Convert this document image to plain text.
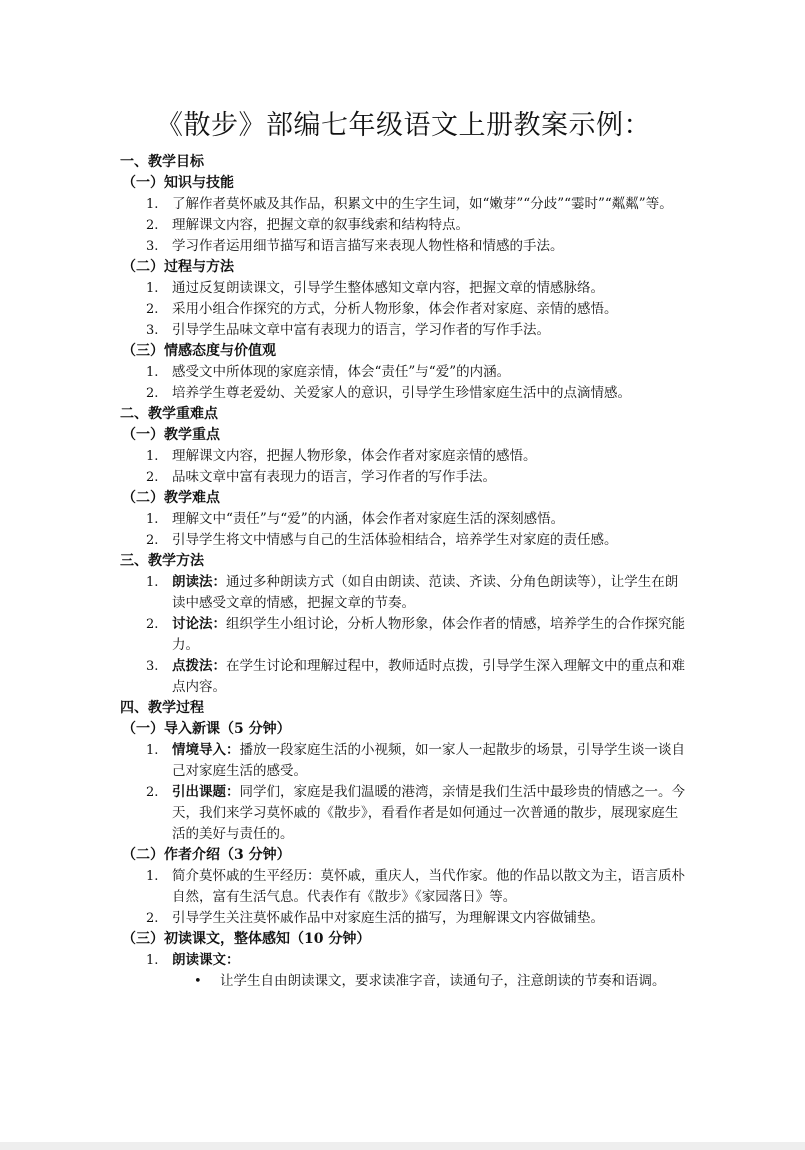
《散步》部编七年级语文上册教案示例：

一、教学目标

（一）知识与技能

1. 了解作者莫怀戚及其作品，积累文中的生字生词，如“嫩芽”“分歧”“霎时”“粼粼”等。
2. 理解课文内容，把握文章的叙事线索和结构特点。
3. 学习作者运用细节描写和语言描写来表现人物性格和情感的手法。

（二）过程与方法

1. 通过反复朗读课文，引导学生整体感知文章内容，把握文章的情感脉络。
2. 采用小组合作探究的方式，分析人物形象，体会作者对家庭、亲情的感悟。
3. 引导学生品味文章中富有表现力的语言，学习作者的写作手法。

（三）情感态度与价值观

1. 感受文中所体现的家庭亲情，体会“责任”与“爱”的内涵。
2. 培养学生尊老爱幼、关爱家人的意识，引导学生珍惜家庭生活中的点滴情感。

二、教学重难点

（一）教学重点

1. 理解课文内容，把握人物形象，体会作者对家庭亲情的感悟。
2. 品味文章中富有表现力的语言，学习作者的写作手法。

（二）教学难点

1. 理解文中“责任”与“爱”的内涵，体会作者对家庭生活的深刻感悟。
2. 引导学生将文中情感与自己的生活体验相结合，培养学生对家庭的责任感。

三、教学方法

1. 朗读法：通过多种朗读方式（如自由朗读、范读、齐读、分角色朗读等），让学生在朗读中感受文章的情感，把握文章的节奏。
2. 讨论法：组织学生小组讨论，分析人物形象，体会作者的情感，培养学生的合作探究能力。
3. 点拨法：在学生讨论和理解过程中，教师适时点拨，引导学生深入理解文中的重点和难点内容。

四、教学过程

（一）导入新课（5 分钟）

1. 情境导入：播放一段家庭生活的小视频，如一家人一起散步的场景，引导学生谈一谈自己对家庭生活的感受。
2. 引出课题：同学们，家庭是我们温暖的港湾，亲情是我们生活中最珍贵的情感之一。今天，我们来学习莫怀戚的《散步》，看看作者是如何通过一次普通的散步，展现家庭生活的美好与责任的。

（二）作者介绍（3 分钟）

1. 简介莫怀戚的生平经历：莫怀戚，重庆人，当代作家。他的作品以散文为主，语言质朴自然，富有生活气息。代表作有《散步》《家园落日》等。
2. 引导学生关注莫怀戚作品中对家庭生活的描写，为理解课文内容做铺垫。

（三）初读课文，整体感知（10 分钟）

1. 朗读课文：
• 让学生自由朗读课文，要求读准字音，读通句子，注意朗读的节奏和语调。
